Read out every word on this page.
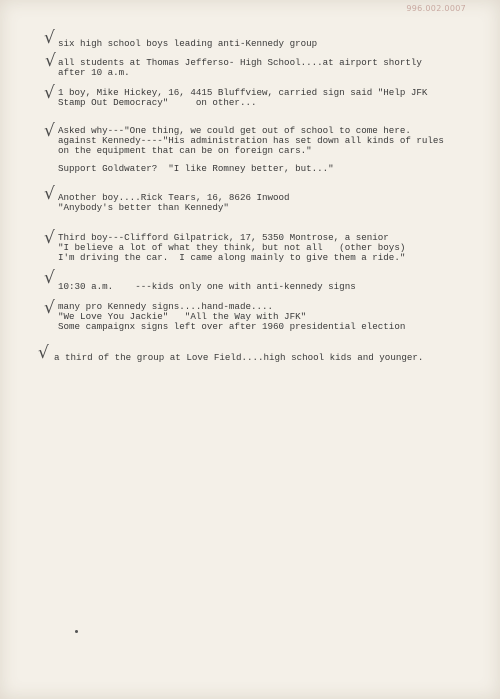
996.002.0007
√ six high school boys leading anti-Kennedy group
√ all students at Thomas Jefferso- High School....at airport shortly
after 10 a.m.
√ 1 boy, Mike Hickey, 16, 4415 Bluffview, carried sign said "Help JFK
Stamp Out Democracy"     on other...
√ Asked why---"One thing, we could get out of school to come here.
against Kennedy----"His administration has set down all kinds of rules
on the equipment that can be on foreign cars."
Support Goldwater?  "I like Romney better, but..."
√ Another boy....Rick Tears, 16, 8626 Inwood
"Anybody's better than Kennedy"
√ Third boy---Clifford Gilpatrick, 17, 5350 Montrose, a senior
"I believe a lot of what they think, but not all   (other boys)
I'm driving the car.  I came along mainly to give them a ride."
√ 10:30 a.m.    ---kids only one with anti-kennedy signs
√ many pro Kennedy signs....hand-made....
"We Love You Jackie"   "All the Way with JFK"
Some campaignx signs left over after 1960 presidential election
√ a third of the group at Love Field....high school kids and younger.
